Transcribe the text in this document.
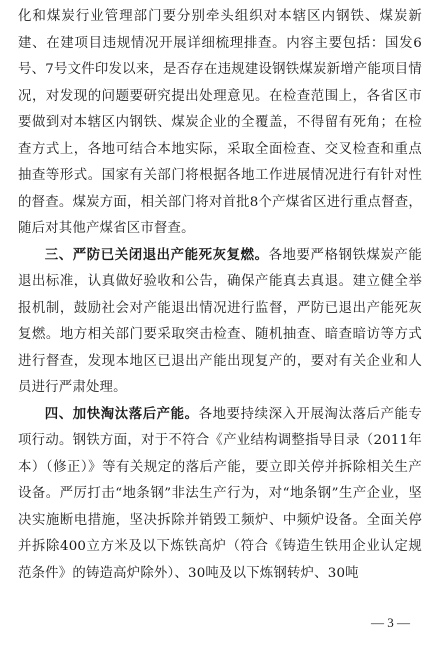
化和煤炭行业管理部门要分别牵头组织对本辖区内钢铁、煤炭新建、在建项目违规情况开展详细梳理排查。内容主要包括：国发6号、7号文件印发以来，是否存在违规建设钢铁煤炭新增产能项目情况，对发现的问题要研究提出处理意见。在检查范围上，各省区市要做到对本辖区内钢铁、煤炭企业的全覆盖，不得留有死角；在检查方式上，各地可结合本地实际，采取全面检查、交叉检查和重点抽查等形式。国家有关部门将根据各地工作进展情况进行有针对性的督查。煤炭方面，相关部门将对首批8个产煤省区进行重点督查，随后对其他产煤省区市督查。

三、严防已关闭退出产能死灰复燃。各地要严格钢铁煤炭产能退出标准，认真做好验收和公告，确保产能真去真退。建立健全举报机制，鼓励社会对产能退出情况进行监督，严防已退出产能死灰复燃。地方相关部门要采取突击检查、随机抽查、暗查暗访等方式进行督查，发现本地区已退出产能出现复产的，要对有关企业和人员进行严肃处理。

四、加快淘汰落后产能。各地要持续深入开展淘汰落后产能专项行动。钢铁方面，对于不符合《产业结构调整指导目录（2011年本）（修正）》等有关规定的落后产能，要立即关停并拆除相关生产设备。严厉打击“地条钢”非法生产行为，对“地条钢”生产企业，坚决实施断电措施，坚决拆除并销毁工频炉、中频炉设备。全面关停并拆除400立方米及以下炼铁高炉（符合《铸造生铁用企业认定规范条件》的铸造高炉除外）、30吨及以下炼钢转炉、30吨

— 3 —
